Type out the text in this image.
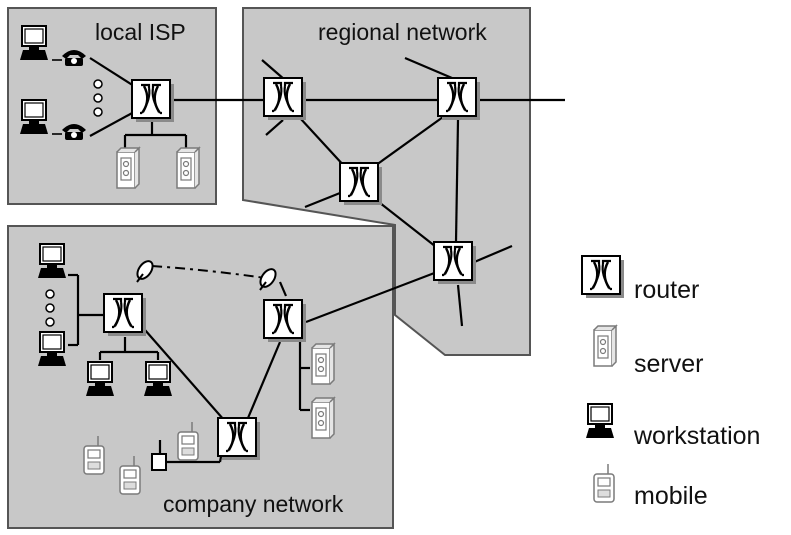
local ISP	regional network
company network
router
server
workstation
mobile
